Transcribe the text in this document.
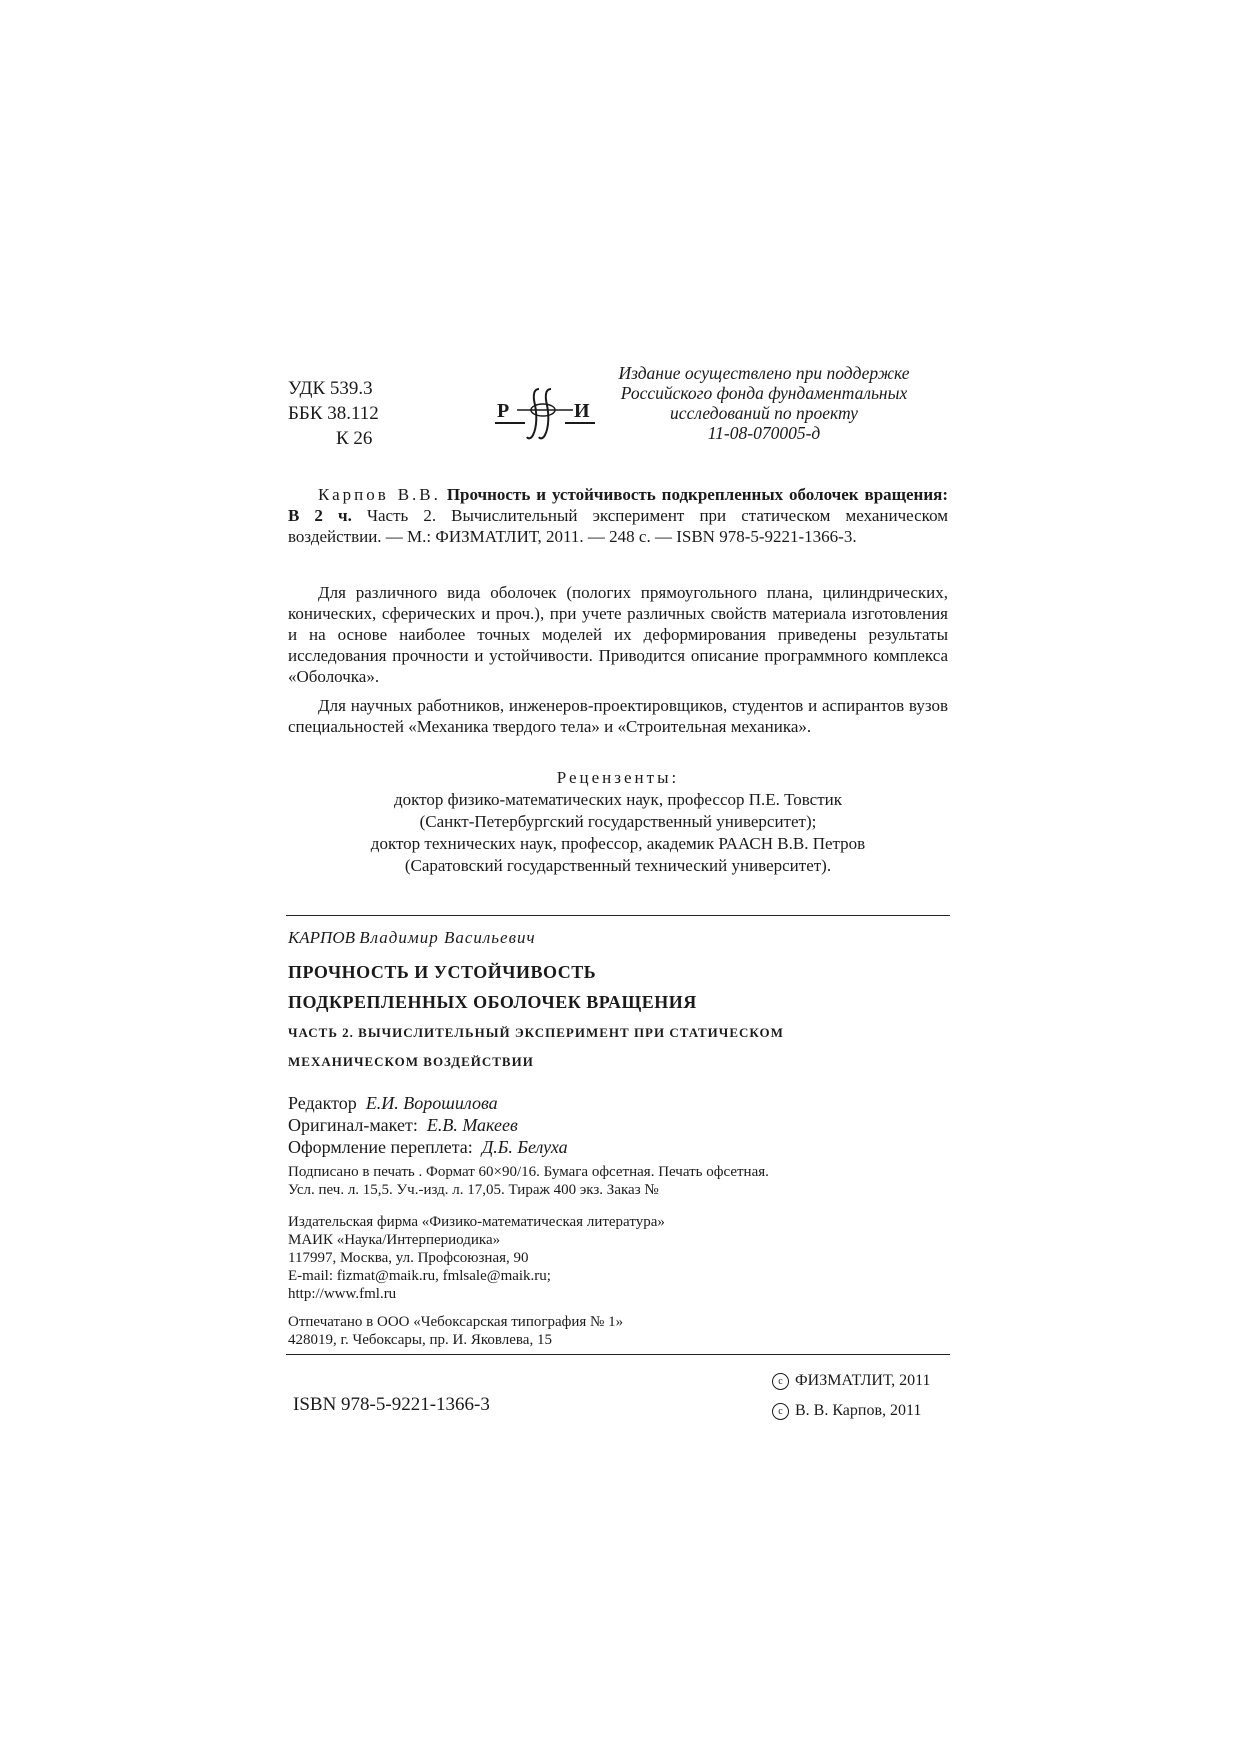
УДК 539.3
ББК 38.112
К 26
Р	И
Издание осуществлено при поддержке
Российского фонда фундаментальных
исследований по проекту
11-08-070005-д
Карпов В.В. Прочность и устойчивость подкрепленных оболочек вращения: В 2 ч. Часть 2. Вычислительный эксперимент при статическом механическом воздействии. — М.: ФИЗМАТЛИТ, 2011. — 248 с. — ISBN 978-5-9221-1366-3.
Для различного вида оболочек (пологих прямоугольного плана, цилиндрических, конических, сферических и проч.), при учете различных свойств материала изготовления и на основе наиболее точных моделей их деформирования приведены результаты исследования прочности и устойчивости. Приводится описание программного комплекса «Оболочка».
Для научных работников, инженеров-проектировщиков, студентов и аспирантов вузов специальностей «Механика твердого тела» и «Строительная механика».
Рецензенты:
доктор физико-математических наук, профессор П.Е. Товстик
(Санкт-Петербургский государственный университет);
доктор технических наук, профессор, академик РААСН В.В. Петров
(Саратовский государственный технический университет).
КАРПОВ Владимир Васильевич
ПРОЧНОСТЬ И УСТОЙЧИВОСТЬ
ПОДКРЕПЛЕННЫХ ОБОЛОЧЕК ВРАЩЕНИЯ
ЧАСТЬ 2. ВЫЧИСЛИТЕЛЬНЫЙ ЭКСПЕРИМЕНТ ПРИ СТАТИЧЕСКОМ
МЕХАНИЧЕСКОМ ВОЗДЕЙСТВИИ
Редактор Е.И. Ворошилова
Оригинал-макет: Е.В. Макеев
Оформление переплета: Д.Б. Белуха
Подписано в печать . Формат 60×90/16. Бумага офсетная. Печать офсетная.
Усл. печ. л. 15,5. Уч.-изд. л. 17,05. Тираж 400 экз. Заказ №
Издательская фирма «Физико-математическая литература»
МАИК «Наука/Интерпериодика»
117997, Москва, ул. Профсоюзная, 90
E-mail: fizmat@maik.ru, fmlsale@maik.ru;
http://www.fml.ru
Отпечатано в ООО «Чебоксарская типография № 1»
428019, г. Чебоксары, пр. И. Яковлева, 15
ISBN 978-5-9221-1366-3
c ФИЗМАТЛИТ, 2011
c В. В. Карпов, 2011
